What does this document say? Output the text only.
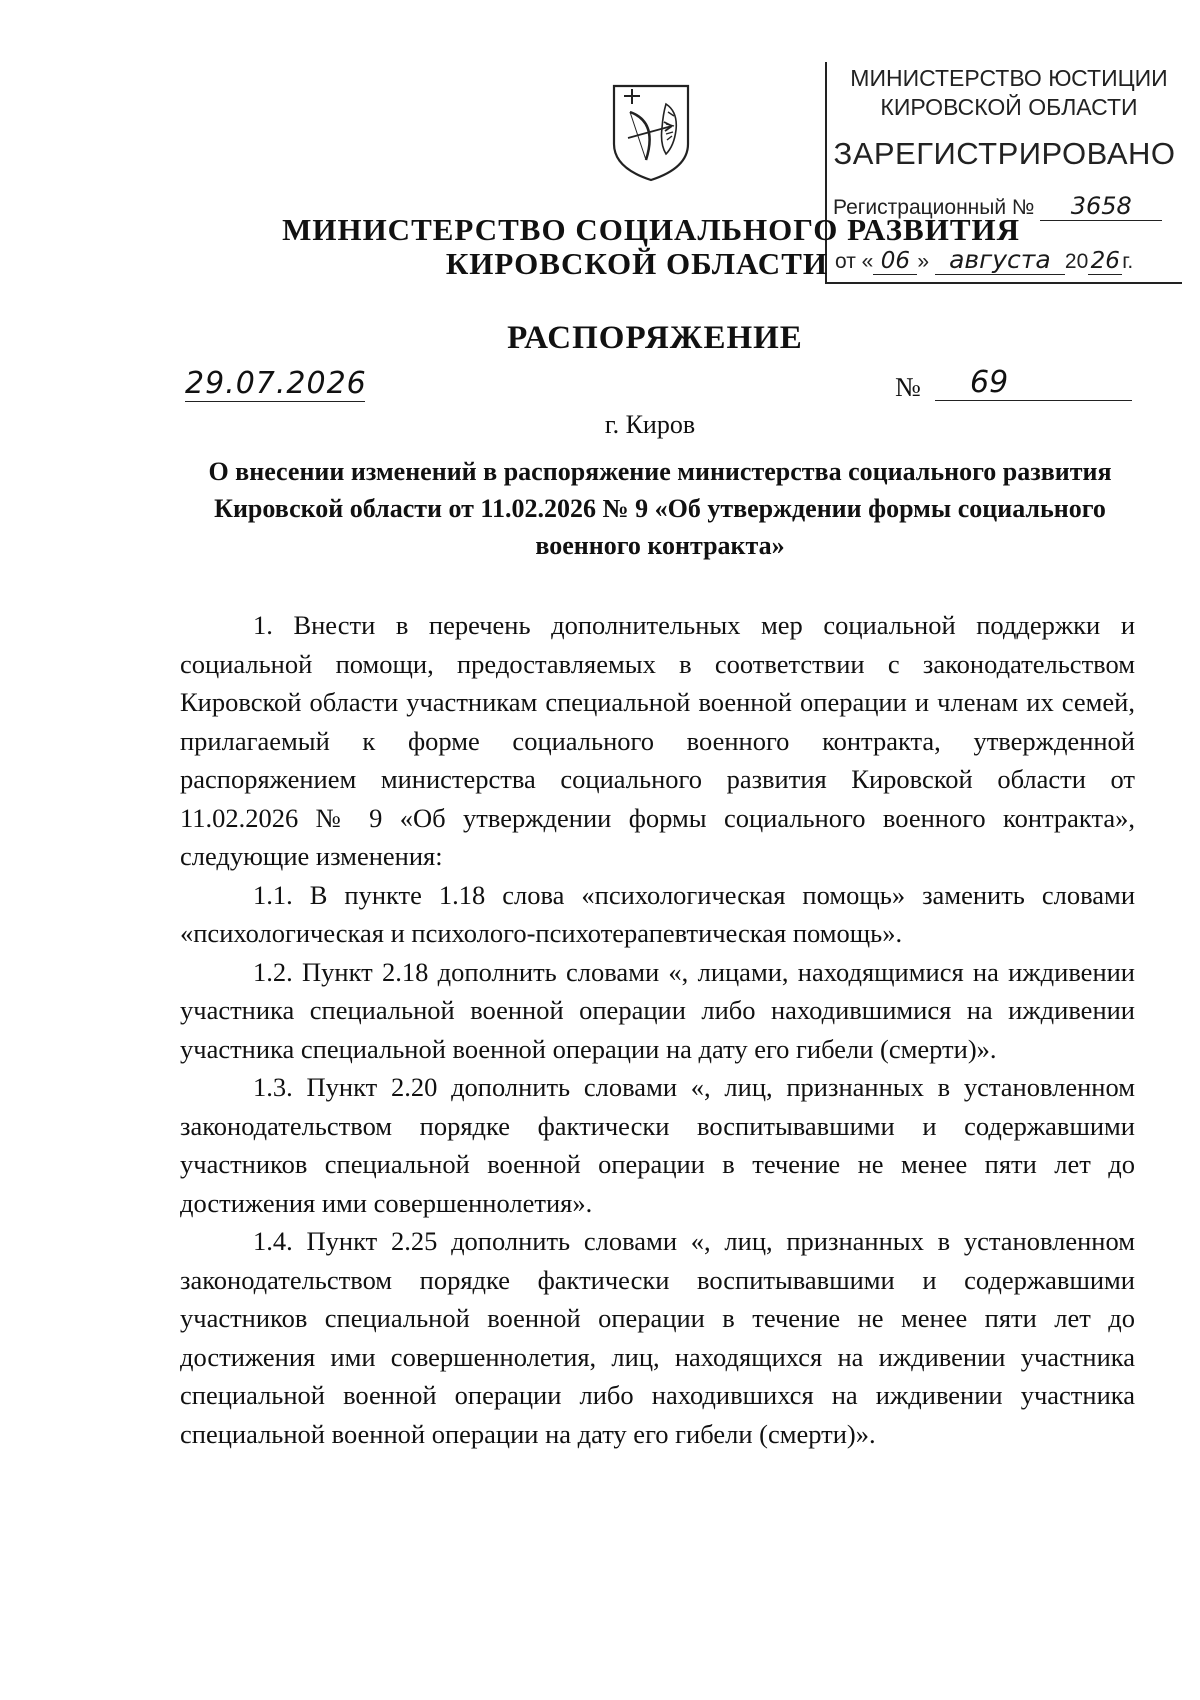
МИНИСТЕРСТВО ЮСТИЦИИ КИРОВСКОЙ ОБЛАСТИ
ЗАРЕГИСТРИРОВАНО
Регистрационный № 3658
от « 06 » августа 20 26 г.
МИНИСТЕРСТВО СОЦИАЛЬНОГО РАЗВИТИЯ
КИРОВСКОЙ ОБЛАСТИ
РАСПОРЯЖЕНИЕ
29.07.2026	№	69
г. Киров
О внесении изменений в распоряжение министерства социального развития Кировской области от 11.02.2026 № 9 «Об утверждении формы социального военного контракта»

1. Внести в перечень дополнительных мер социальной поддержки и социальной помощи, предоставляемых в соответствии с законодательством Кировской области участникам специальной военной операции и членам их семей, прилагаемый к форме социального военного контракта, утвержденной распоряжением министерства социального развития Кировской области от 11.02.2026 № 9 «Об утверждении формы социального военного контракта», следующие изменения:

1.1. В пункте 1.18 слова «психологическая помощь» заменить словами «психологическая и психолого-психотерапевтическая помощь».

1.2. Пункт 2.18 дополнить словами «, лицами, находящимися на иждивении участника специальной военной операции либо находившимися на иждивении участника специальной военной операции на дату его гибели (смерти)».

1.3. Пункт 2.20 дополнить словами «, лиц, признанных в установленном законодательством порядке фактически воспитывавшими и содержавшими участников специальной военной операции в течение не менее пяти лет до достижения ими совершеннолетия».

1.4. Пункт 2.25 дополнить словами «, лиц, признанных в установленном законодательством порядке фактически воспитывавшими и содержавшими участников специальной военной операции в течение не менее пяти лет до достижения ими совершеннолетия, лиц, находящихся на иждивении участника специальной военной операции либо находившихся на иждивении участника специальной военной операции на дату его гибели (смерти)».
